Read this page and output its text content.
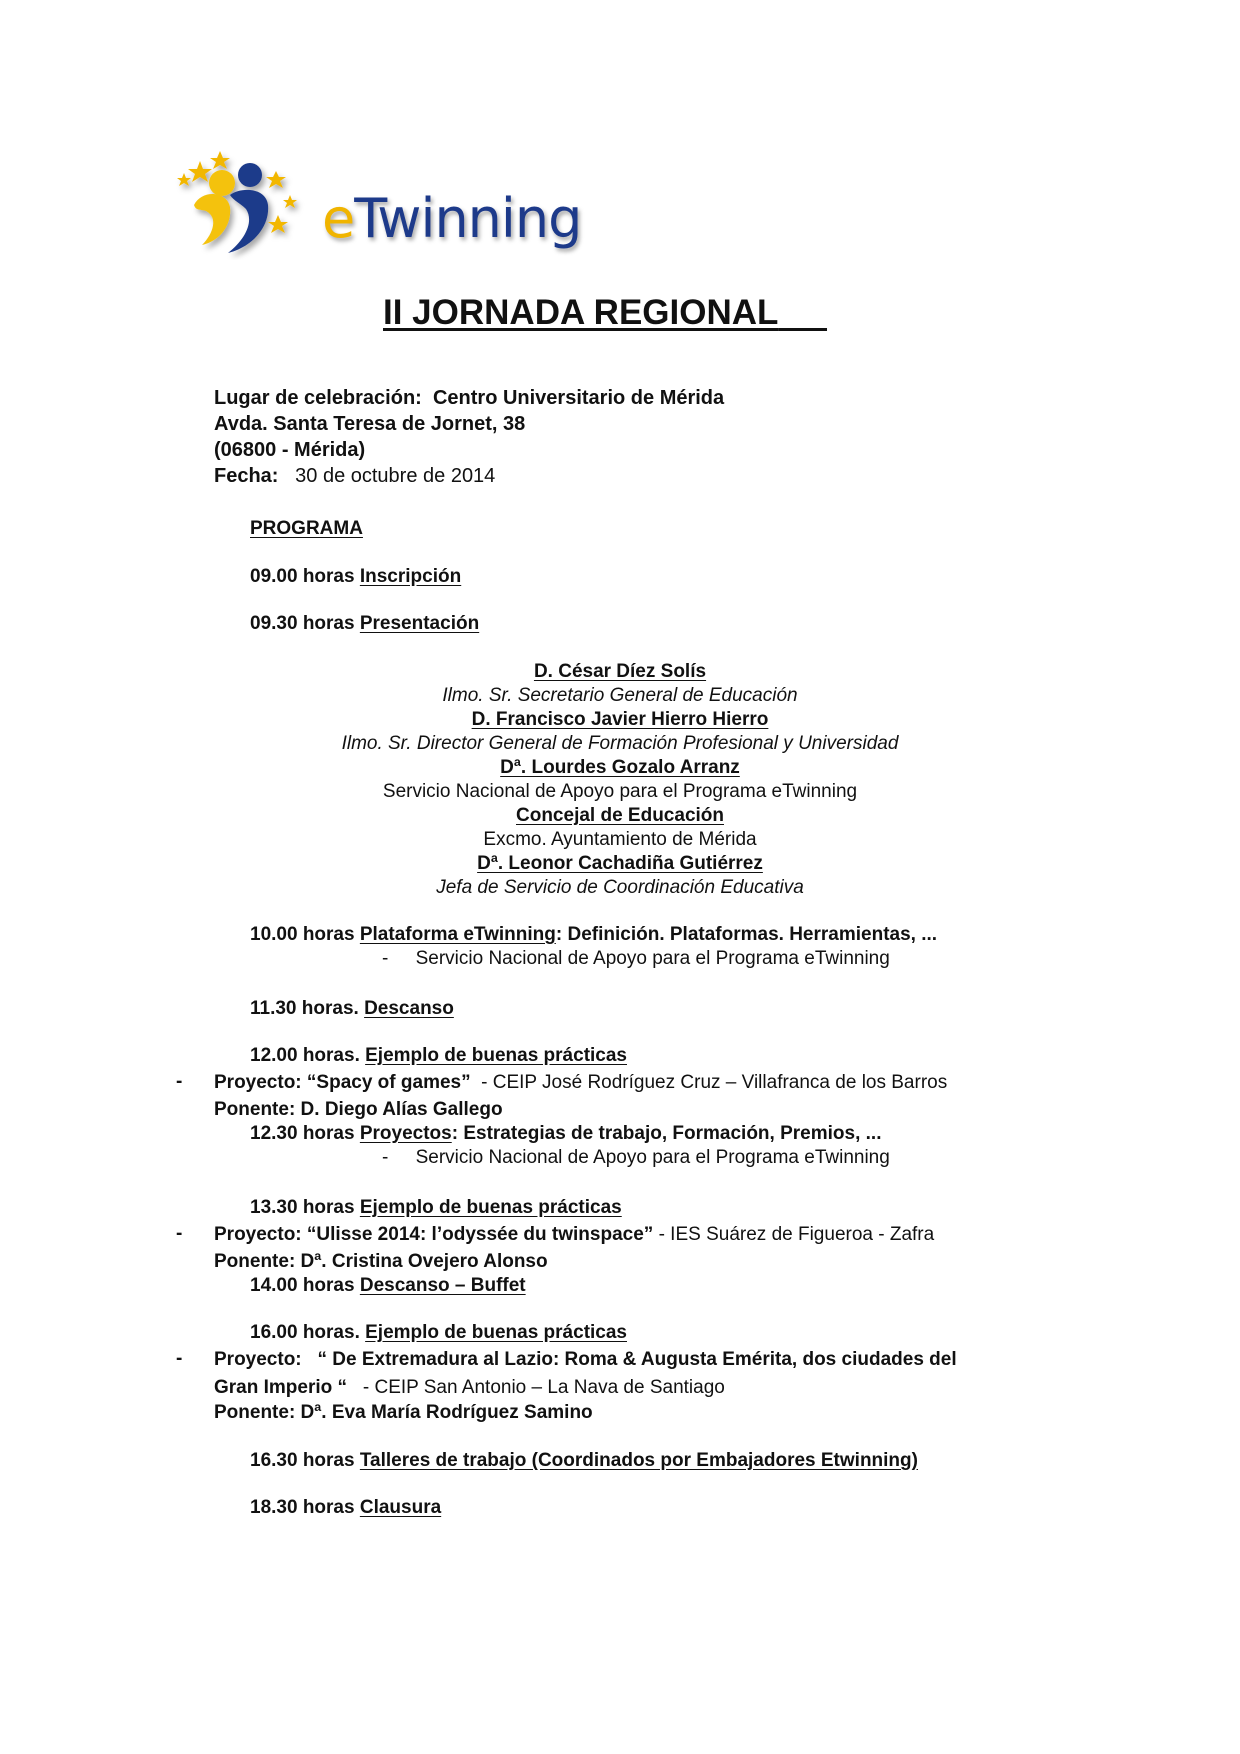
eTwinning
II JORNADA REGIONAL
Lugar de celebración: Centro Universitario de Mérida
Avda. Santa Teresa de Jornet, 38
(06800 - Mérida)
Fecha: 30 de octubre de 2014
PROGRAMA
09.00 horas Inscripción
09.30 horas Presentación
D. César Díez Solís
Ilmo. Sr. Secretario General de Educación
D. Francisco Javier Hierro Hierro
Ilmo. Sr. Director General de Formación Profesional y Universidad
Dª. Lourdes Gozalo Arranz
Servicio Nacional de Apoyo para el Programa eTwinning
Concejal de Educación
Excmo. Ayuntamiento de Mérida
Dª. Leonor Cachadiña Gutiérrez
Jefa de Servicio de Coordinación Educativa
10.00 horas Plataforma eTwinning: Definición. Plataformas. Herramientas, ...
- Servicio Nacional de Apoyo para el Programa eTwinning
11.30 horas. Descanso
12.00 horas. Ejemplo de buenas prácticas
- Proyecto: “Spacy of games” - CEIP José Rodríguez Cruz – Villafranca de los Barros
Ponente: D. Diego Alías Gallego
12.30 horas Proyectos: Estrategias de trabajo, Formación, Premios, ...
- Servicio Nacional de Apoyo para el Programa eTwinning
13.30 horas Ejemplo de buenas prácticas
- Proyecto: “Ulisse 2014: l’odyssée du twinspace” - IES Suárez de Figueroa - Zafra
Ponente: Dª. Cristina Ovejero Alonso
14.00 horas Descanso – Buffet
16.00 horas. Ejemplo de buenas prácticas
- Proyecto: “ De Extremadura al Lazio: Roma & Augusta Emérita, dos ciudades del
Gran Imperio “ - CEIP San Antonio – La Nava de Santiago
Ponente: Dª. Eva María Rodríguez Samino
16.30 horas Talleres de trabajo (Coordinados por Embajadores Etwinning)
18.30 horas Clausura
